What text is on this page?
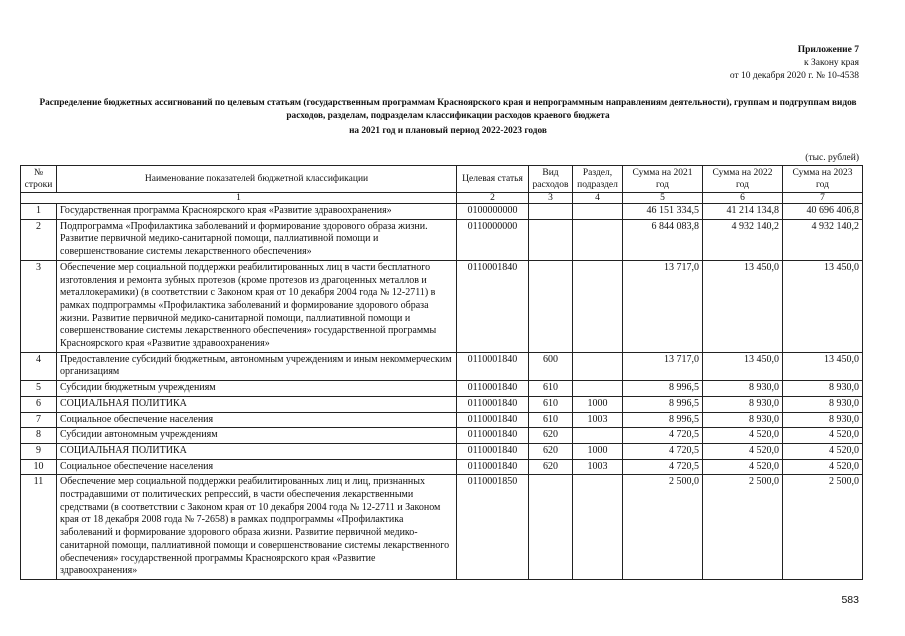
Приложение 7
к Закону края
от 10 декабря 2020 г. № 10-4538
Распределение бюджетных ассигнований по целевым статьям (государственным программам Красноярского края и непрограммным направлениям деятельности), группам и подгруппам видов расходов, разделам, подразделам классификации расходов краевого бюджета
на 2021 год и плановый период 2022-2023 годов
(тыс. рублей)
№ строки	Наименование показателей бюджетной классификации	Целевая статья	Вид расходов	Раздел, подраздел	Сумма на 2021 год	Сумма на 2022 год	Сумма на 2023 год
1		2	3	4	5	6	7
1	Государственная программа Красноярского края «Развитие здравоохранения»	0100000000			46 151 334,5	41 214 134,8	40 696 406,8
2	Подпрограмма «Профилактика заболеваний и формирование здорового образа жизни. Развитие первичной медико-санитарной помощи, паллиативной помощи и совершенствование системы лекарственного обеспечения»	0110000000			6 844 083,8	4 932 140,2	4 932 140,2
3	Обеспечение мер социальной поддержки реабилитированных лиц в части бесплатного изготовления и ремонта зубных протезов (кроме протезов из драгоценных металлов и металлокерамики) (в соответствии с Законом края от 10 декабря 2004 года № 12-2711) в рамках подпрограммы «Профилактика заболеваний и формирование здорового образа жизни. Развитие первичной медико-санитарной помощи, паллиативной помощи и совершенствование системы лекарственного обеспечения» государственной программы Красноярского края «Развитие здравоохранения»	0110001840			13 717,0	13 450,0	13 450,0
4	Предоставление субсидий бюджетным, автономным учреждениям и иным некоммерческим организациям	0110001840	600		13 717,0	13 450,0	13 450,0
5	Субсидии бюджетным учреждениям	0110001840	610		8 996,5	8 930,0	8 930,0
6	СОЦИАЛЬНАЯ ПОЛИТИКА	0110001840	610	1000	8 996,5	8 930,0	8 930,0
7	Социальное обеспечение населения	0110001840	610	1003	8 996,5	8 930,0	8 930,0
8	Субсидии автономным учреждениям	0110001840	620		4 720,5	4 520,0	4 520,0
9	СОЦИАЛЬНАЯ ПОЛИТИКА	0110001840	620	1000	4 720,5	4 520,0	4 520,0
10	Социальное обеспечение населения	0110001840	620	1003	4 720,5	4 520,0	4 520,0
11	Обеспечение мер социальной поддержки реабилитированных лиц и лиц, признанных пострадавшими от политических репрессий, в части обеспечения лекарственными средствами (в соответствии с Законом края от 10 декабря 2004 года № 12-2711 и Законом края от 18 декабря 2008 года № 7-2658) в рамках подпрограммы «Профилактика заболеваний и формирование здорового образа жизни. Развитие первичной медико-санитарной помощи, паллиативной помощи и совершенствование системы лекарственного обеспечения» государственной программы Красноярского края «Развитие здравоохранения»	0110001850			2 500,0	2 500,0	2 500,0
583
